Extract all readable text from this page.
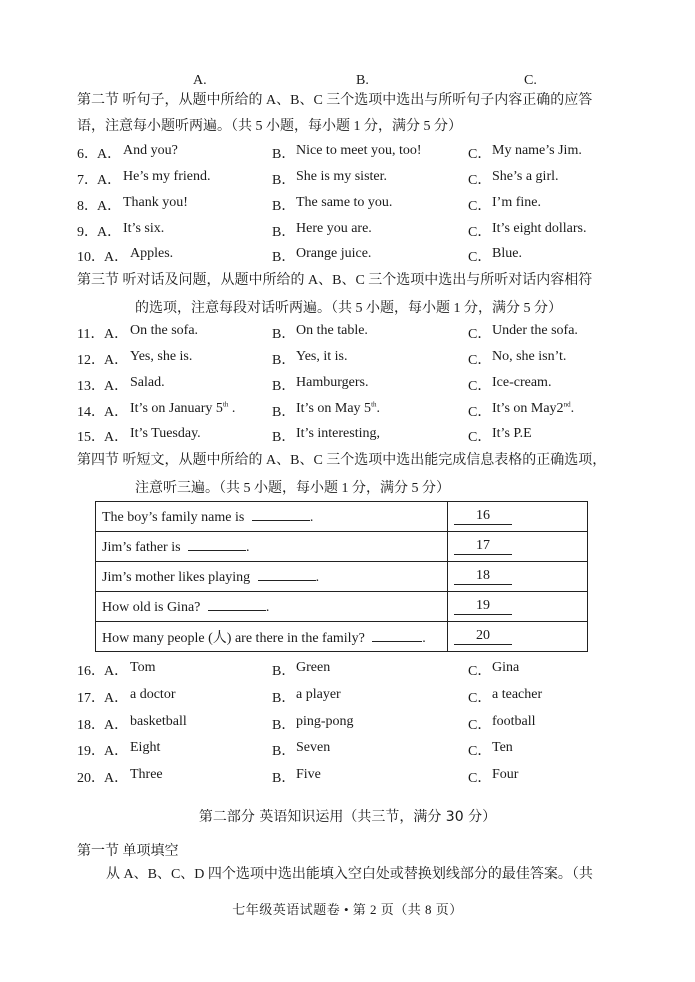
A.	B.	C.
第二节 听句子，从题中所给的 A、B、C 三个选项中选出与所听句子内容正确的应答
语，注意每小题听两遍。（共 5 小题，每小题 1 分，满分 5 分）
6． A． And you?	B． Nice to meet you, too!	C． My name’s Jim.
7． A． He’s my friend.	B． She is my sister.	C． She’s a girl.
8． A． Thank you!	B． The same to you.	C． I’m fine.
9． A． It’s six.	B． Here you are.	C． It’s eight dollars.
10． A． Apples.	B． Orange juice.	C． Blue.
第三节 听对话及问题，从题中所给的 A、B、C 三个选项中选出与所听对话内容相符
的选项，注意每段对话听两遍。（共 5 小题，每小题 1 分，满分 5 分）
11． A． On the sofa.	B． On the table.	C． Under the sofa.
12． A． Yes, she is.	B． Yes, it is.	C． No, she isn’t.
13． A． Salad.	B． Hamburgers.	C． Ice-cream.
14． A． It’s on January 5th .	B． It’s on May 5th.	C． It’s on May2nd.
15． A． It’s Tuesday.	B． It’s interesting,	C． It’s P.E
第四节 听短文，从题中所给的 A、B、C 三个选项中选出能完成信息表格的正确选项，
注意听三遍。（共 5 小题，每小题 1 分，满分 5 分）
The boy’s family name is .	16
Jim’s father is .	17
Jim’s mother likes playing .	18
How old is Gina? .	19
How many people (人) are there in the family? .	20
16． A． Tom	B． Green	C． Gina
17． A． a doctor	B． a player	C． a teacher
18． A． basketball	B． ping-pong	C． football
19． A． Eight	B． Seven	C． Ten
20． A． Three	B． Five	C． Four
第二部分 英语知识运用（共三节，满分 30 分）
第一节 单项填空
从 A、B、C、D 四个选项中选出能填入空白处或替换划线部分的最佳答案。（共
七年级英语试题卷 • 第 2 页（共 8 页）
